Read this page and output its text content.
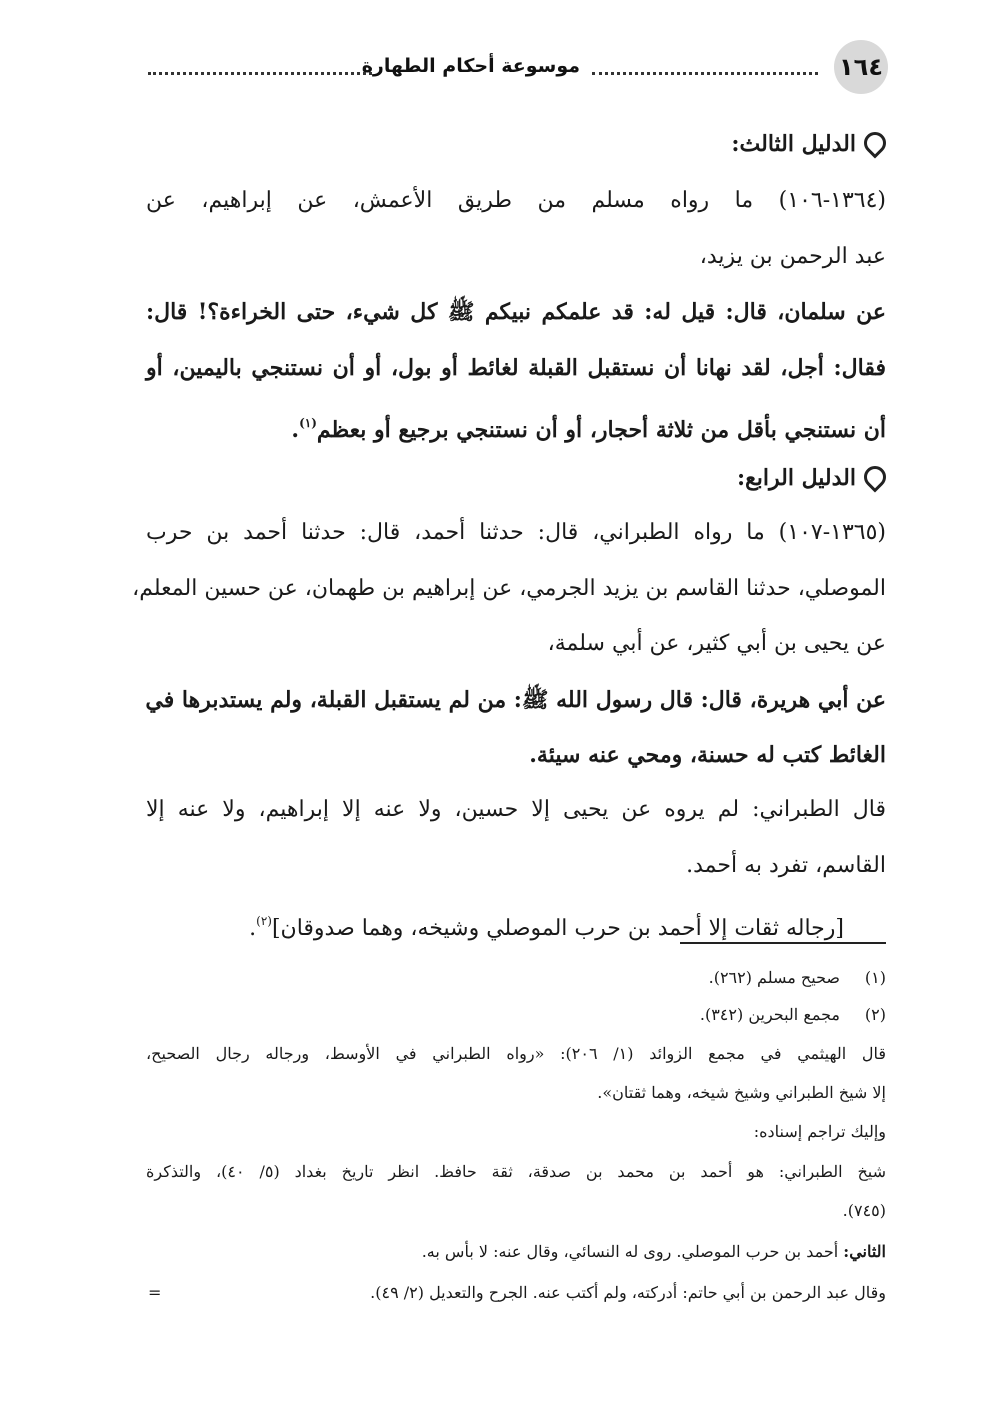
١٦٤
موسوعة أحكام الطهارة
الدليل الثالث:
(١٣٦٤-١٠٦) ما رواه مسلم من طريق الأعمش، عن إبراهيم، عن
عبد الرحمن بن يزيد،
عن سلمان، قال: قيل له: قد علمكم نبيكم ﷺ كل شيء، حتى الخراءة؟! قال:
فقال: أجل، لقد نهانا أن نستقبل القبلة لغائط أو بول، أو أن نستنجي باليمين، أو
أن نستنجي بأقل من ثلاثة أحجار، أو أن نستنجي برجيع أو بعظم$^{(١)}$.
الدليل الرابع:
(١٣٦٥-١٠٧) ما رواه الطبراني، قال: حدثنا أحمد، قال: حدثنا أحمد بن حرب
الموصلي، حدثنا القاسم بن يزيد الجرمي، عن إبراهيم بن طهمان، عن حسين المعلم،
عن يحيى بن أبي كثير، عن أبي سلمة،
عن أبي هريرة، قال: قال رسول الله ﷺ: من لم يستقبل القبلة، ولم يستدبرها في
الغائط كتب له حسنة، ومحي عنه سيئة.
قال الطبراني: لم يروه عن يحيى إلا حسين، ولا عنه إلا إبراهيم، ولا عنه إلا
القاسم، تفرد به أحمد.
[رجاله ثقات إلا أحمد بن حرب الموصلي وشيخه، وهما صدوقان]$^{(٢)}$.
(١)صحيح مسلم (٢٦٢).
(٢)مجمع البحرين (٣٤٢).
قال الهيثمي في مجمع الزوائد (١/ ٢٠٦): «رواه الطبراني في الأوسط، ورجاله رجال الصحيح،
إلا شيخ الطبراني وشيخ شيخه، وهما ثقتان».
وإليك تراجم إسناده:
شيخ الطبراني: هو أحمد بن محمد بن صدقة، ثقة حافظ. انظر تاريخ بغداد (٥/ ٤٠)، والتذكرة
(٧٤٥).
الثاني: أحمد بن حرب الموصلي. روى له النسائي، وقال عنه: لا بأس به.
وقال عبد الرحمن بن أبي حاتم: أدركته، ولم أكتب عنه. الجرح والتعديل (٢/ ٤٩).
=
